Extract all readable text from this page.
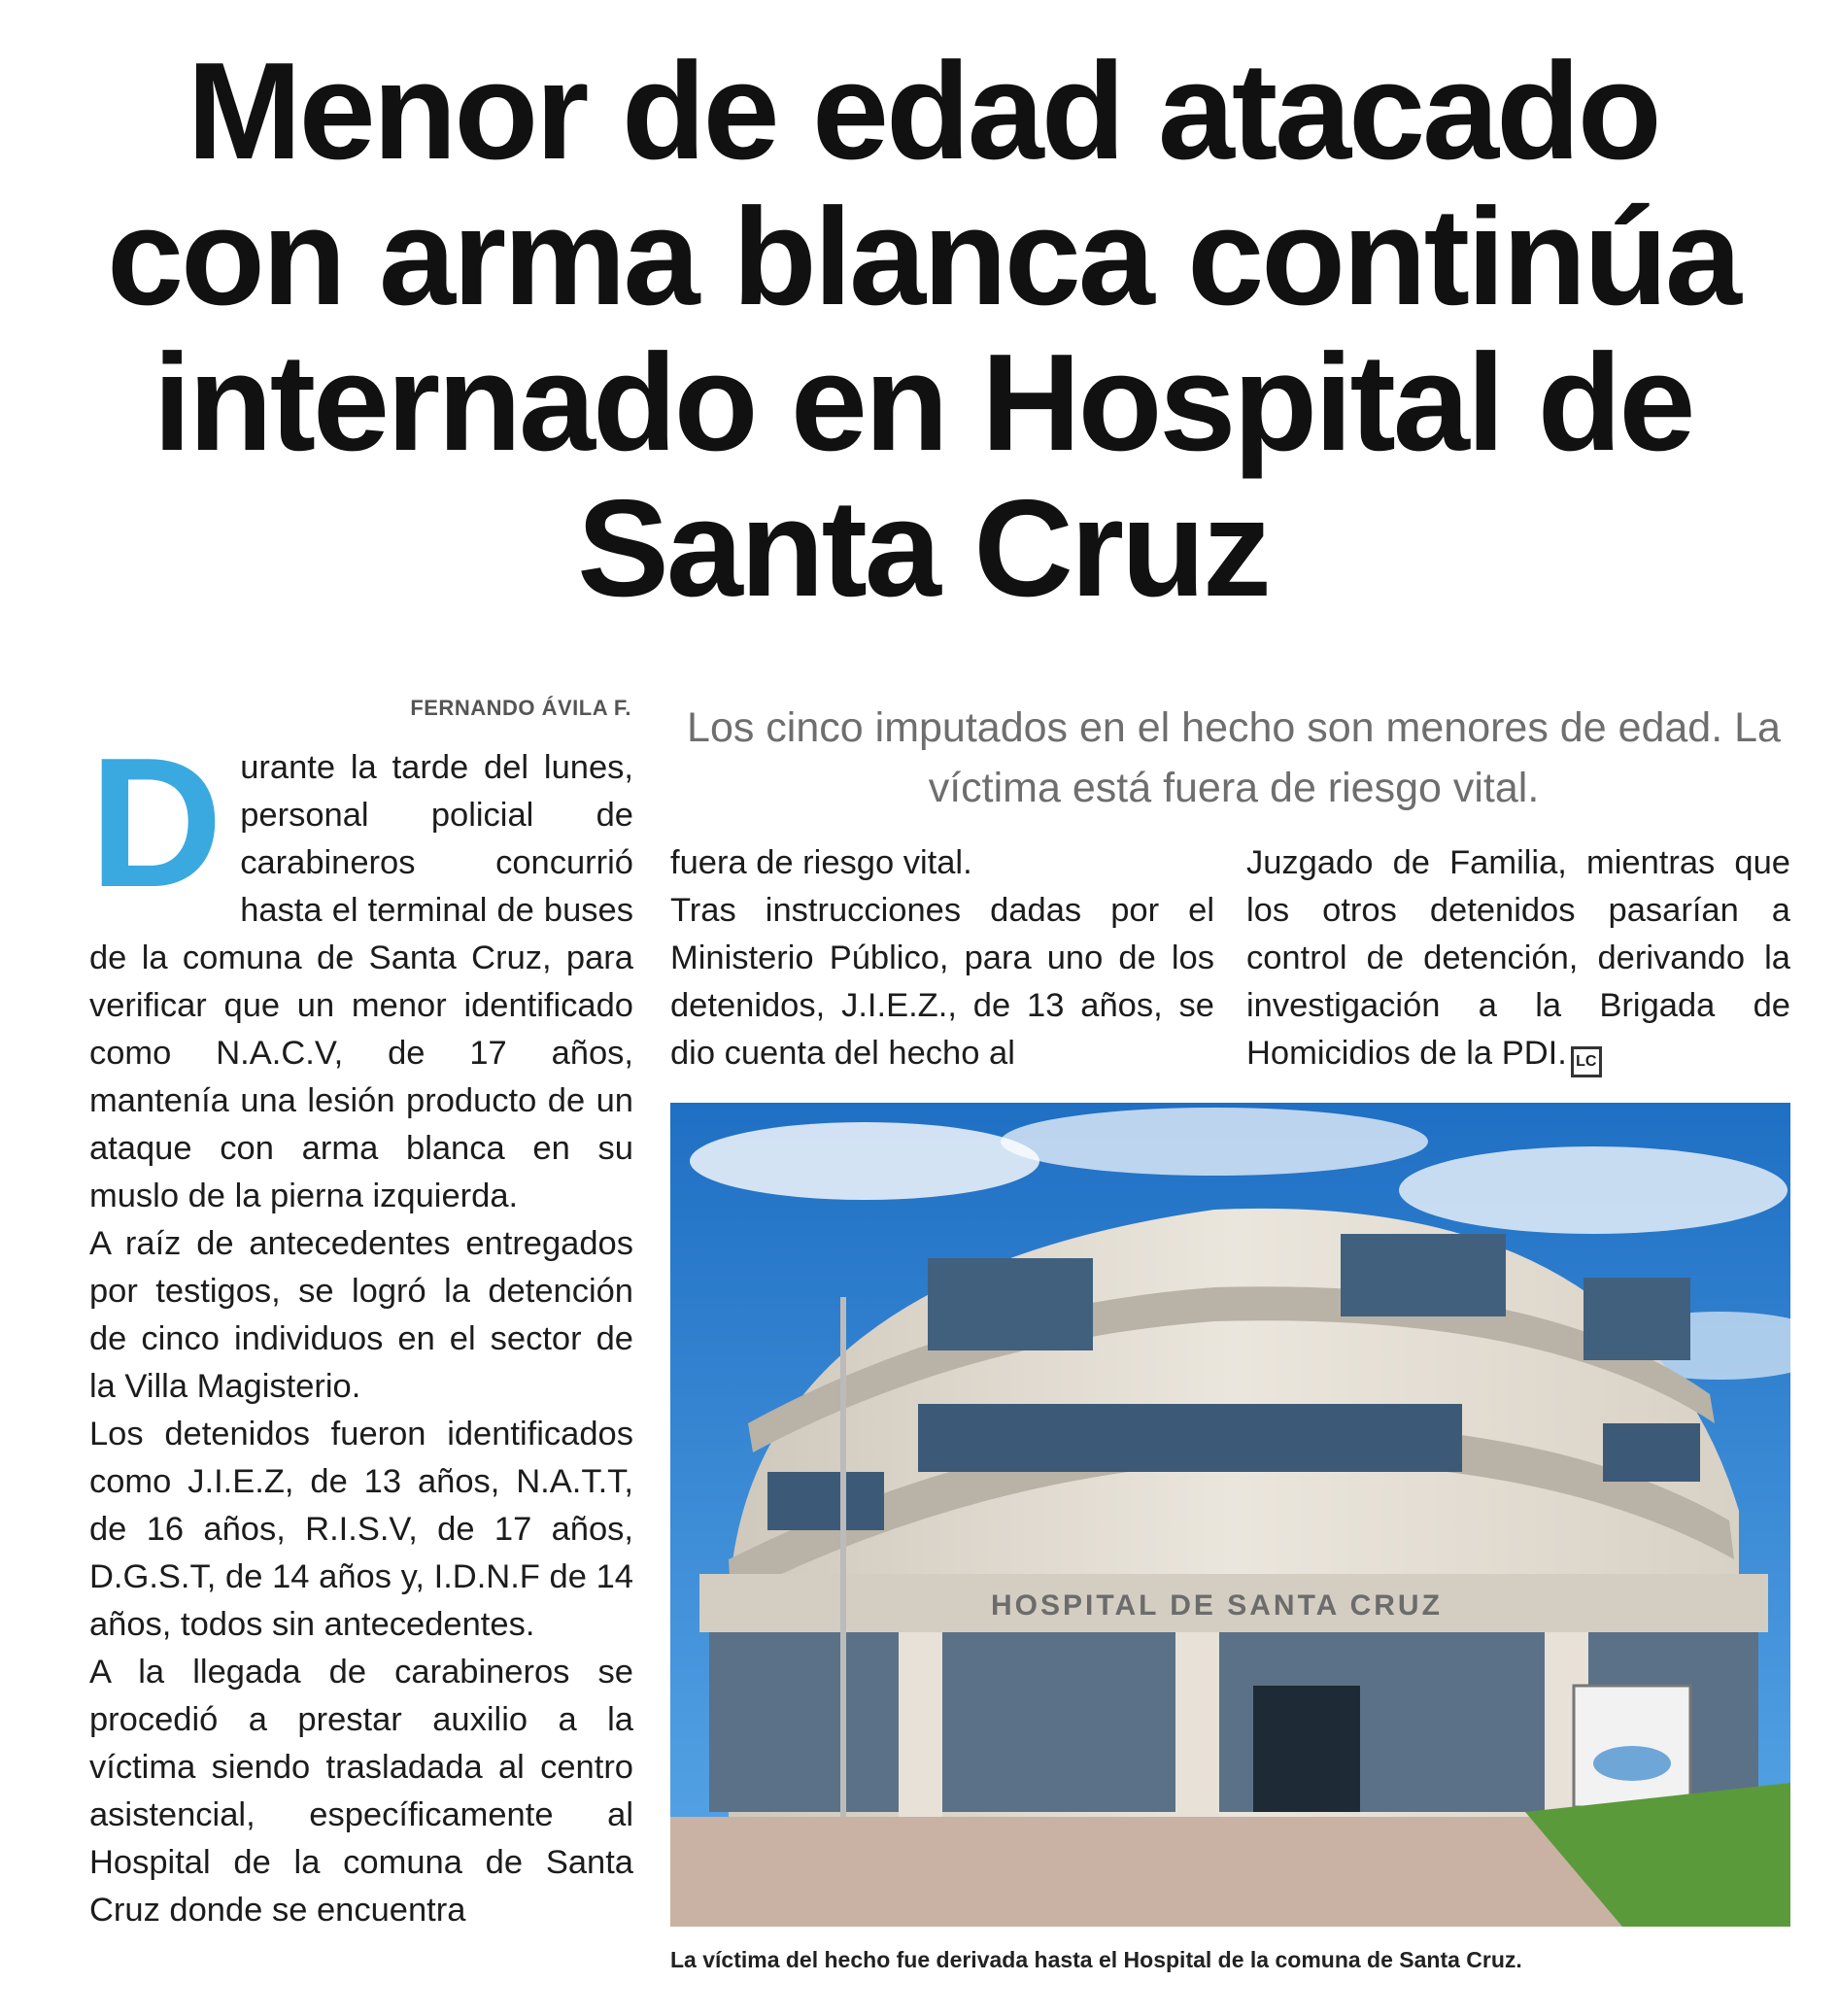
Menor de edad atacado con arma blanca continúa internado en Hospital de Santa Cruz
FERNANDO ÁVILA F.	Los cinco imputados en el hecho son menores de edad. La víctima está fuera de riesgo vital.
D urante la tarde del lunes, personal policial de carabineros concurrió hasta el terminal de buses de la comuna de Santa Cruz, para verificar que un menor identificado como N.A.C.V, de 17 años, mantenía una lesión producto de un ataque con arma blanca en su muslo de la pierna izquierda.

A raíz de antecedentes entregados por testigos, se logró la detención de cinco individuos en el sector de la Villa Magisterio.

Los detenidos fueron identificados como J.I.E.Z, de 13 años, N.A.T.T, de 16 años, R.I.S.V, de 17 años, D.G.S.T, de 14 años y, I.D.N.F de 14 años, todos sin antecedentes.

A la llegada de carabineros se procedió a prestar auxilio a la víctima siendo trasladada al centro asistencial, específicamente al Hospital de la comuna de Santa Cruz donde se encuentra

fuera de riesgo vital.

Tras instrucciones dadas por el Ministerio Público, para uno de los detenidos, J.I.E.Z., de 13 años, se dio cuenta del hecho al

Juzgado de Familia, mientras que los otros detenidos pasarían a control de detención, derivando la investigación a la Brigada de Homicidios de la PDI. LC

HOSPITAL DE SANTA CRUZ
La víctima del hecho fue derivada hasta el Hospital de la comuna de Santa Cruz.
